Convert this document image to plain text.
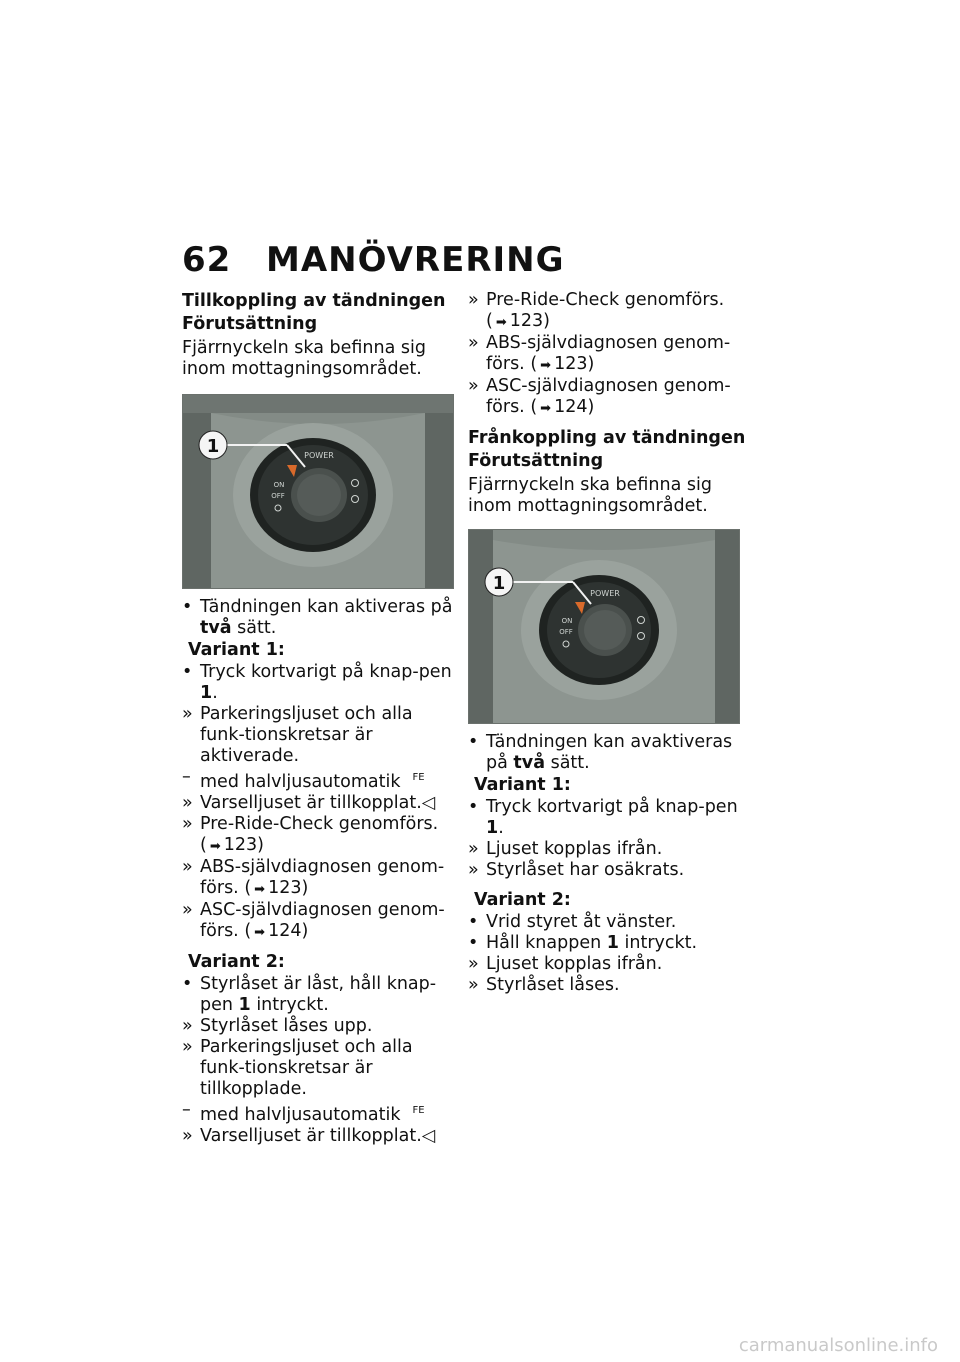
62 MANÖVRERING
Tillkoppling av tändningen
Förutsättning
Fjärrnyckeln ska befinna sig inom mottagningsområdet.
1	POWER
ON
OFF
• Tändningen kan aktiveras på två sätt.
Variant 1:
• Tryck kortvarigt på knap-pen 1.
» Parkeringsljuset och alla funk-tionskretsar är aktiverade.
– med halvljusautomatik $^{FE}$
» Varselljuset är tillkopplat.◁
» Pre-Ride-Check genomförs.
( ➡ 123)
» ABS-självdiagnosen genom-förs. ( ➡ 123)
» ASC-självdiagnosen genom-förs. ( ➡ 124)
Variant 2:
• Styrlåset är låst, håll knap-pen 1 intryckt.
» Styrlåset låses upp.
» Parkeringsljuset och alla funk-tionskretsar är tillkopplade.
– med halvljusautomatik $^{FE}$
» Varselljuset är tillkopplat.◁
» Pre-Ride-Check genomförs.
( ➡ 123)
» ABS-självdiagnosen genom-förs. ( ➡ 123)
» ASC-självdiagnosen genom-förs. ( ➡ 124)
Frånkoppling av tändningen
Förutsättning
Fjärrnyckeln ska befinna sig inom mottagningsområdet.
1	POWER
ON
OFF
• Tändningen kan avaktiveras på två sätt.
Variant 1:
• Tryck kortvarigt på knap-pen 1.
» Ljuset kopplas ifrån.
» Styrlåset har osäkrats.
Variant 2:
• Vrid styret åt vänster.
• Håll knappen 1 intryckt.
» Ljuset kopplas ifrån.
» Styrlåset låses.
carmanualsonline.info
